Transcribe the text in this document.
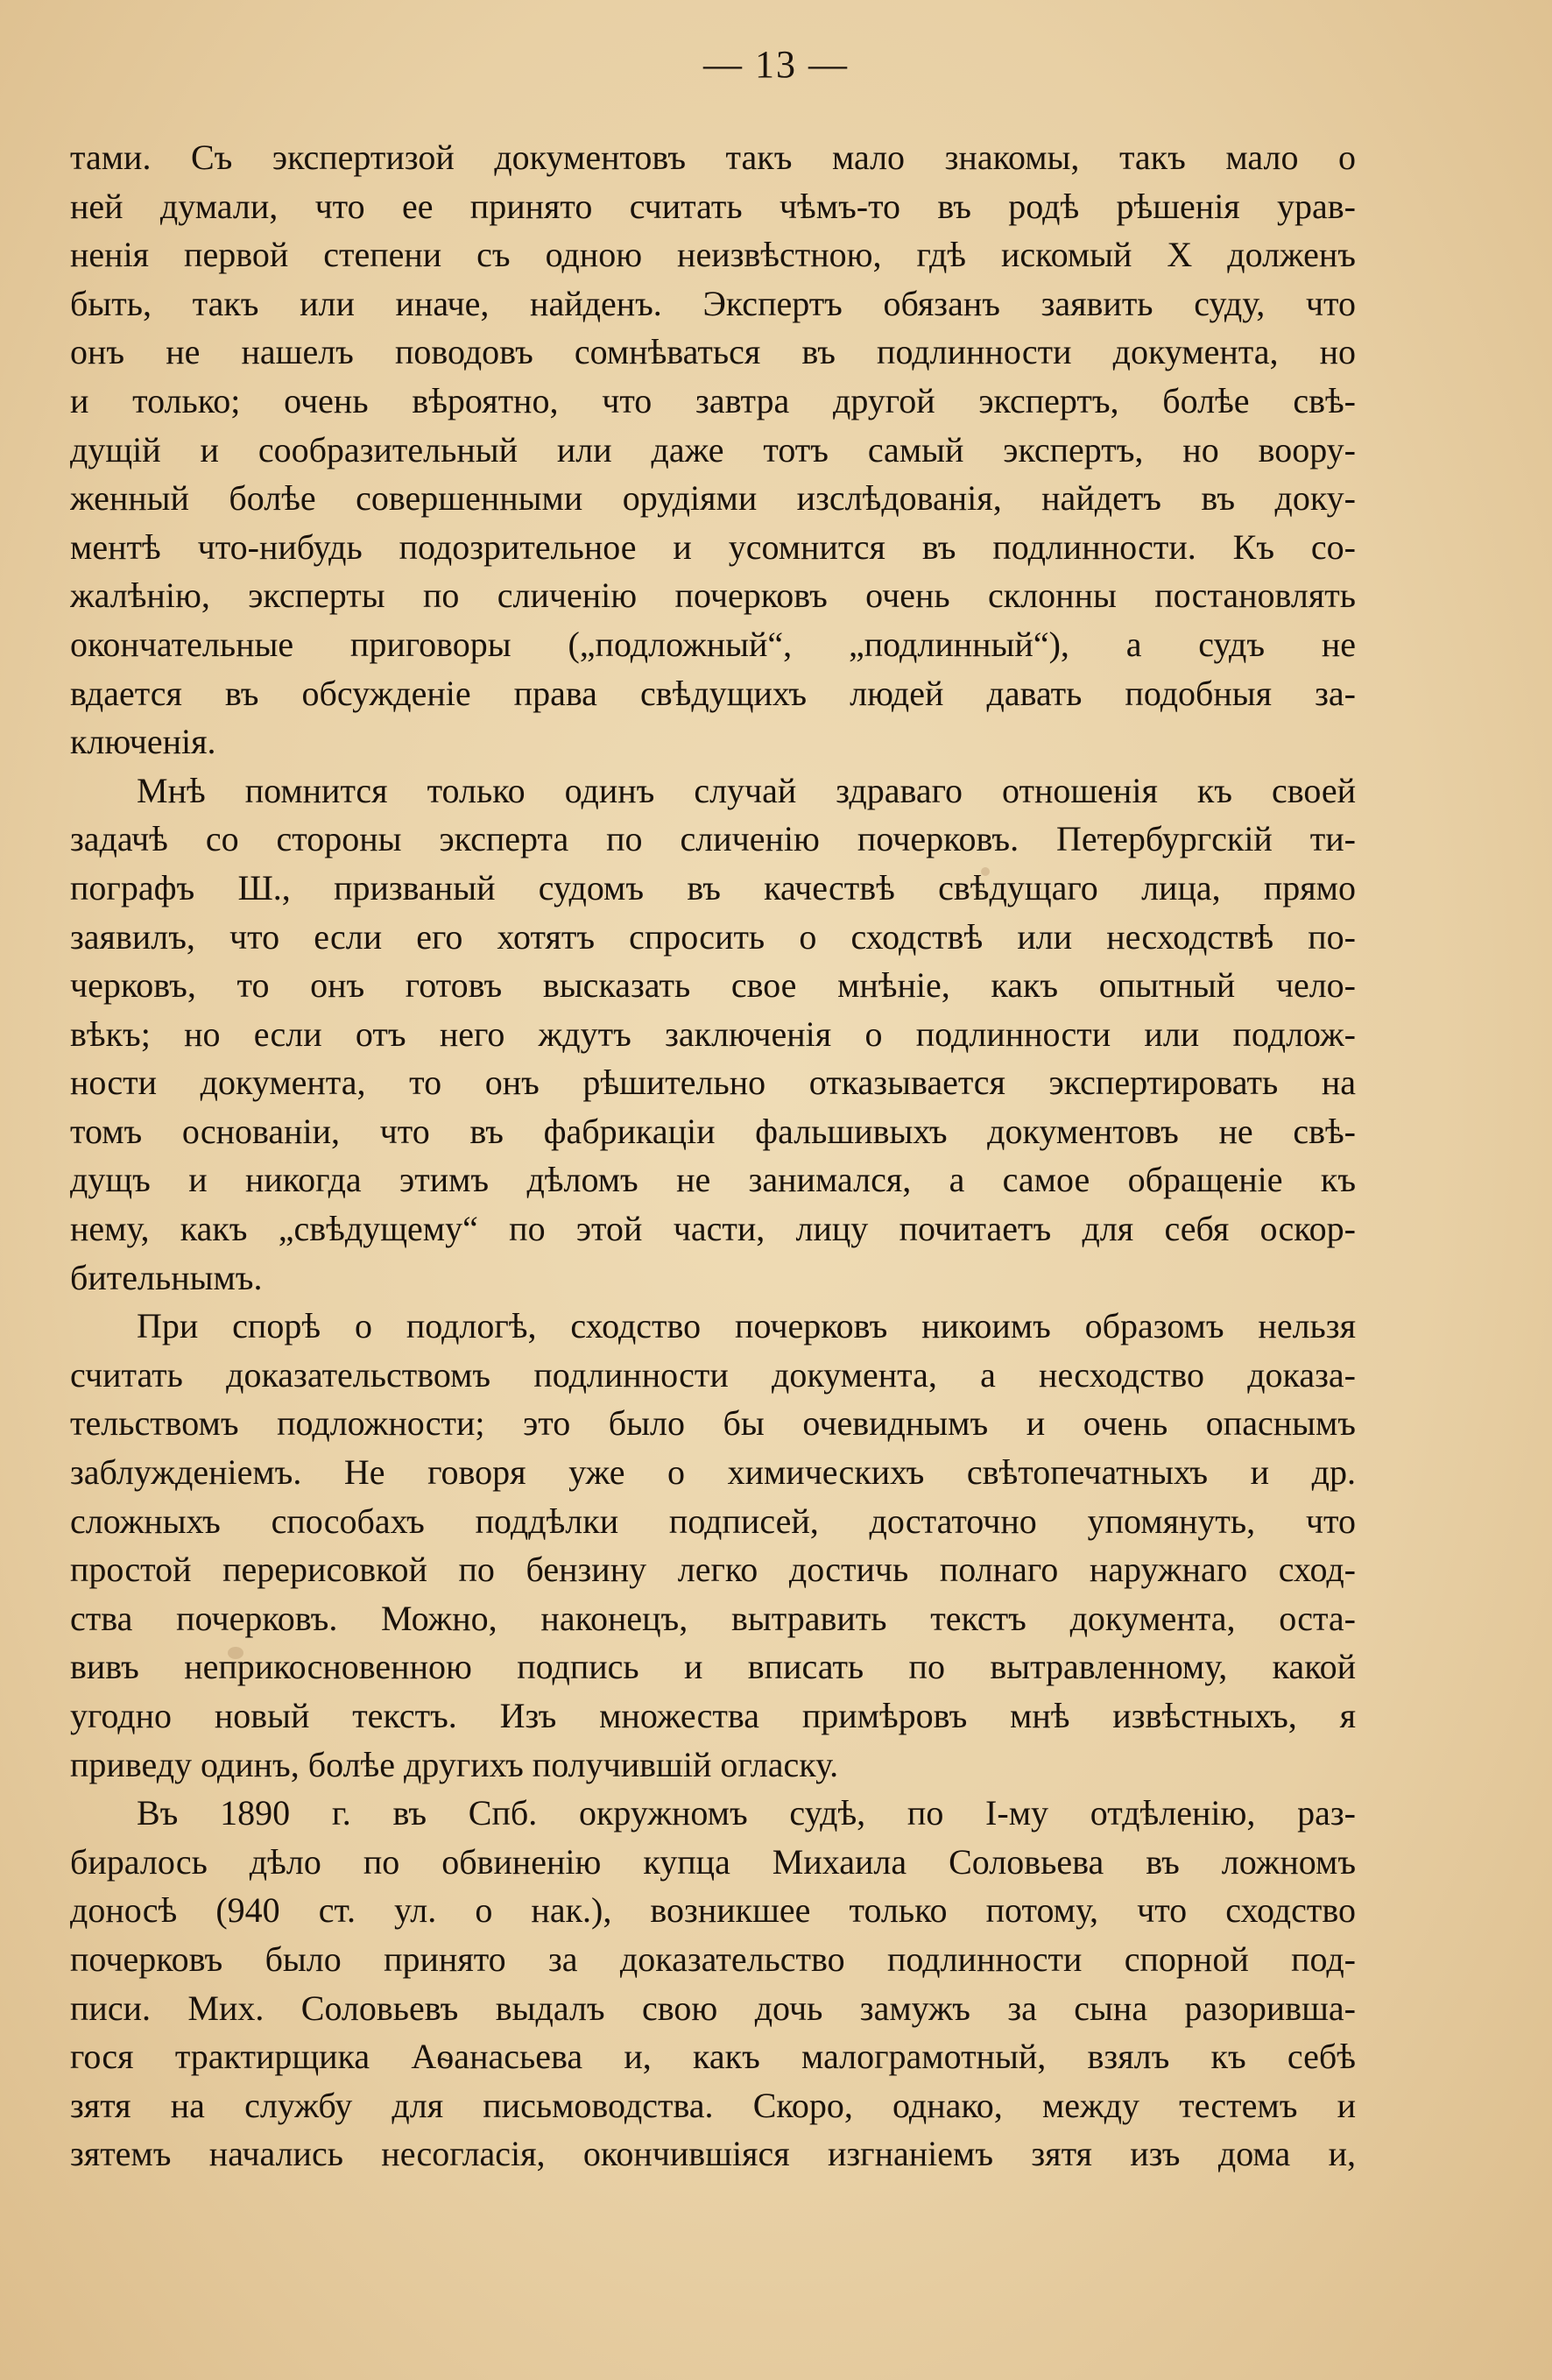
— 13 —
тами. Съ экспертизой документовъ такъ мало знакомы, такъ мало о
ней думали, что ее принято считать чѣмъ-то въ родѣ рѣшенія урав-
ненія первой степени съ одною неизвѣстною, гдѣ искомый X долженъ
быть, такъ или иначе, найденъ. Экспертъ обязанъ заявить суду, что
онъ не нашелъ поводовъ сомнѣваться въ подлинности документа, но
и только; очень вѣроятно, что завтра другой экспертъ, болѣе свѣ-
дущій и сообразительный или даже тотъ самый экспертъ, но воору-
женный болѣе совершенными орудіями изслѣдованія, найдетъ въ доку-
ментѣ что-нибудь подозрительное и усомнится въ подлинности. Къ со-
жалѣнію, эксперты по сличенію почерковъ очень склонны постановлять
окончательные приговоры („подложный“, „подлинный“), а судъ не
вдается въ обсужденіе права свѣдущихъ людей давать подобныя за-
ключенія.
Мнѣ помнится только одинъ случай здраваго отношенія къ своей
задачѣ со стороны эксперта по сличенію почерковъ. Петербургскій ти-
пографъ Ш., призваный судомъ въ качествѣ свѣдущаго лица, прямо
заявилъ, что если его хотятъ спросить о сходствѣ или несходствѣ по-
черковъ, то онъ готовъ высказать свое мнѣніе, какъ опытный чело-
вѣкъ; но если отъ него ждутъ заключенія о подлинности или подлож-
ности документа, то онъ рѣшительно отказывается экспертировать на
томъ основаніи, что въ фабрикаціи фальшивыхъ документовъ не свѣ-
дущъ и никогда этимъ дѣломъ не занимался, а самое обращеніе къ
нему, какъ „свѣдущему“ по этой части, лицу почитаетъ для себя оскор-
бительнымъ.
При спорѣ о подлогѣ, сходство почерковъ никоимъ образомъ нельзя
считать доказательствомъ подлинности документа, а несходство доказа-
тельствомъ подложности; это было бы очевиднымъ и очень опаснымъ
заблужденіемъ. Не говоря уже о химическихъ свѣтопечатныхъ и др.
сложныхъ способахъ поддѣлки подписей, достаточно упомянуть, что
простой перерисовкой по бензину легко достичь полнаго наружнаго сход-
ства почерковъ. Можно, наконецъ, вытравить текстъ документа, оста-
вивъ неприкосновенною подпись и вписать по вытравленному, какой
угодно новый текстъ. Изъ множества примѣровъ мнѣ извѣстныхъ, я
приведу одинъ, болѣе другихъ получившій огласку.
Въ 1890 г. въ Спб. окружномъ судѣ, по I-му отдѣленію, раз-
биралось дѣло по обвиненію купца Михаила Соловьева въ ложномъ
доносѣ (940 ст. ул. о нак.), возникшее только потому, что сходство
почерковъ было принято за доказательство подлинности спорной под-
писи. Мих. Соловьевъ выдалъ свою дочь замужъ за сына разорившa-
гося трактирщика Аѳанасьева и, какъ малограмотный, взялъ къ себѣ
зятя на службу для письмоводства. Скоро, однако, между тестемъ и
зятемъ начались несогласія, окончившіяся изгнаніемъ зятя изъ дома и,
